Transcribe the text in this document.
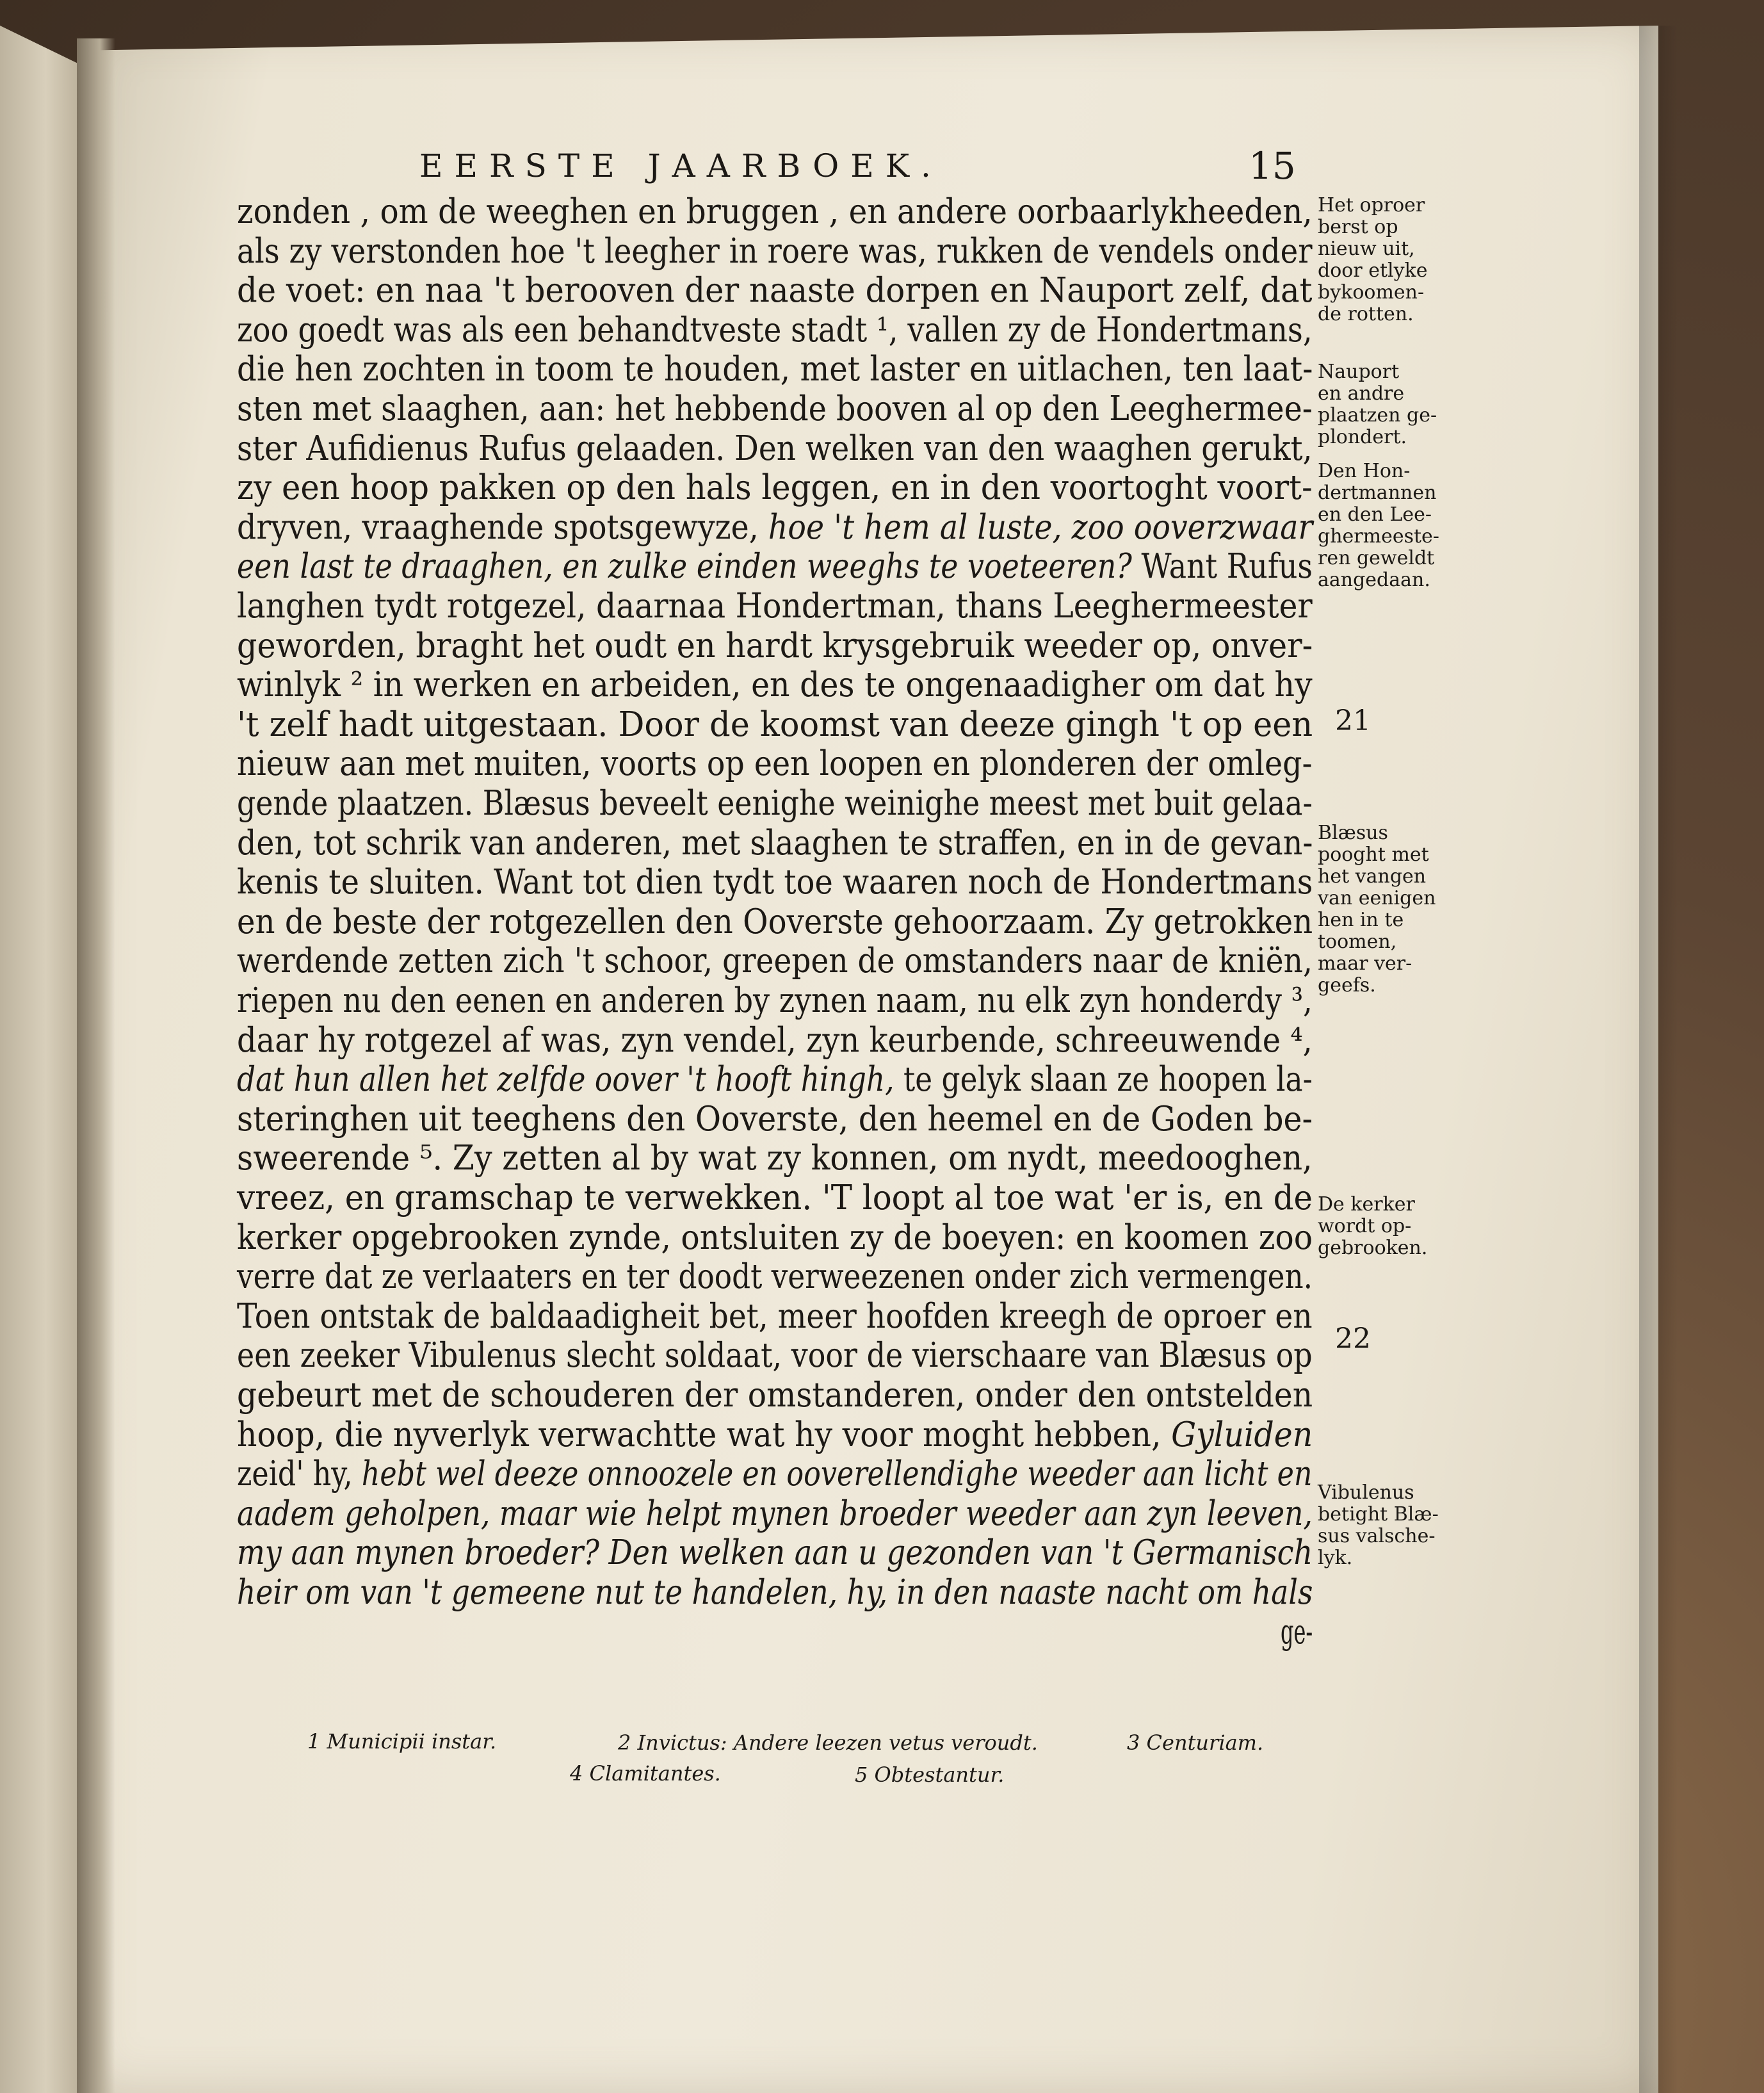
EERSTE JAARBOEK.	15
zonden , om de weeghen en bruggen , en andere oorbaarlykheeden,
als zy verstonden hoe 't leegher in roere was, rukken de vendels onder
de voet: en naa 't berooven der naaste dorpen en Nauport zelf, dat
zoo goedt was als een behandtveste stadt ¹, vallen zy de Hondertmans,
die hen zochten in toom te houden, met laster en uitlachen, ten laat-
sten met slaaghen, aan: het hebbende booven al op den Leeghermee-
ster Aufidienus Rufus gelaaden. Den welken van den waaghen gerukt,
zy een hoop pakken op den hals leggen, en in den voortoght voort-
dryven, vraaghende spotsgewyze, hoe 't hem al luste, zoo ooverzwaar
een last te draaghen, en zulke einden weeghs te voeteeren? Want Rufus
langhen tydt rotgezel, daarnaa Hondertman, thans Leeghermeester
geworden, braght het oudt en hardt krysgebruik weeder op, onver-
winlyk ² in werken en arbeiden, en des te ongenaadigher om dat hy
't zelf hadt uitgestaan. Door de koomst van deeze gingh 't op een
nieuw aan met muiten, voorts op een loopen en plonderen der omleg-
gende plaatzen. Blæsus beveelt eenighe weinighe meest met buit gelaa-
den, tot schrik van anderen, met slaaghen te straffen, en in de gevan-
kenis te sluiten. Want tot dien tydt toe waaren noch de Hondertmans
en de beste der rotgezellen den Ooverste gehoorzaam. Zy getrokken
werdende zetten zich 't schoor, greepen de omstanders naar de kniën,
riepen nu den eenen en anderen by zynen naam, nu elk zyn honderdy ³,
daar hy rotgezel af was, zyn vendel, zyn keurbende, schreeuwende ⁴,
dat hun allen het zelfde oover 't hooft hingh, te gelyk slaan ze hoopen la-
steringhen uit teeghens den Ooverste, den heemel en de Goden be-
sweerende ⁵. Zy zetten al by wat zy konnen, om nydt, meedooghen,
vreez, en gramschap te verwekken. 'T loopt al toe wat 'er is, en de
kerker opgebrooken zynde, ontsluiten zy de boeyen: en koomen zoo
verre dat ze verlaaters en ter doodt verweezenen onder zich vermengen.
Toen ontstak de baldaadigheit bet, meer hoofden kreegh de oproer en
een zeeker Vibulenus slecht soldaat, voor de vierschaare van Blæsus op
gebeurt met de schouderen der omstanderen, onder den ontstelden
hoop, die nyverlyk verwachtte wat hy voor moght hebben, Gyluiden
zeid' hy, hebt wel deeze onnoozele en ooverellendighe weeder aan licht en
aadem geholpen, maar wie helpt mynen broeder weeder aan zyn leeven,
my aan mynen broeder? Den welken aan u gezonden van 't Germanisch
heir om van 't gemeene nut te handelen, hy, in den naaste nacht om hals
ge-
Het oproer
berst op
nieuw uit,
door etlyke
bykoomen-
de rotten.
Nauport
en andre
plaatzen ge-
plondert.
Den Hon-
dertmannen
en den Lee-
ghermeeste-
ren geweldt
aangedaan.
Blæsus
pooght met
het vangen
van eenigen
hen in te
toomen,
maar ver-
geefs.
De kerker
wordt op-
gebrooken.
Vibulenus
betight Blæ-
sus valsche-
lyk.
21
22
1 Municipii instar.	2 Invictus: Andere leezen vetus veroudt.	3 Centuriam.
4 Clamitantes.	5 Obtestantur.
